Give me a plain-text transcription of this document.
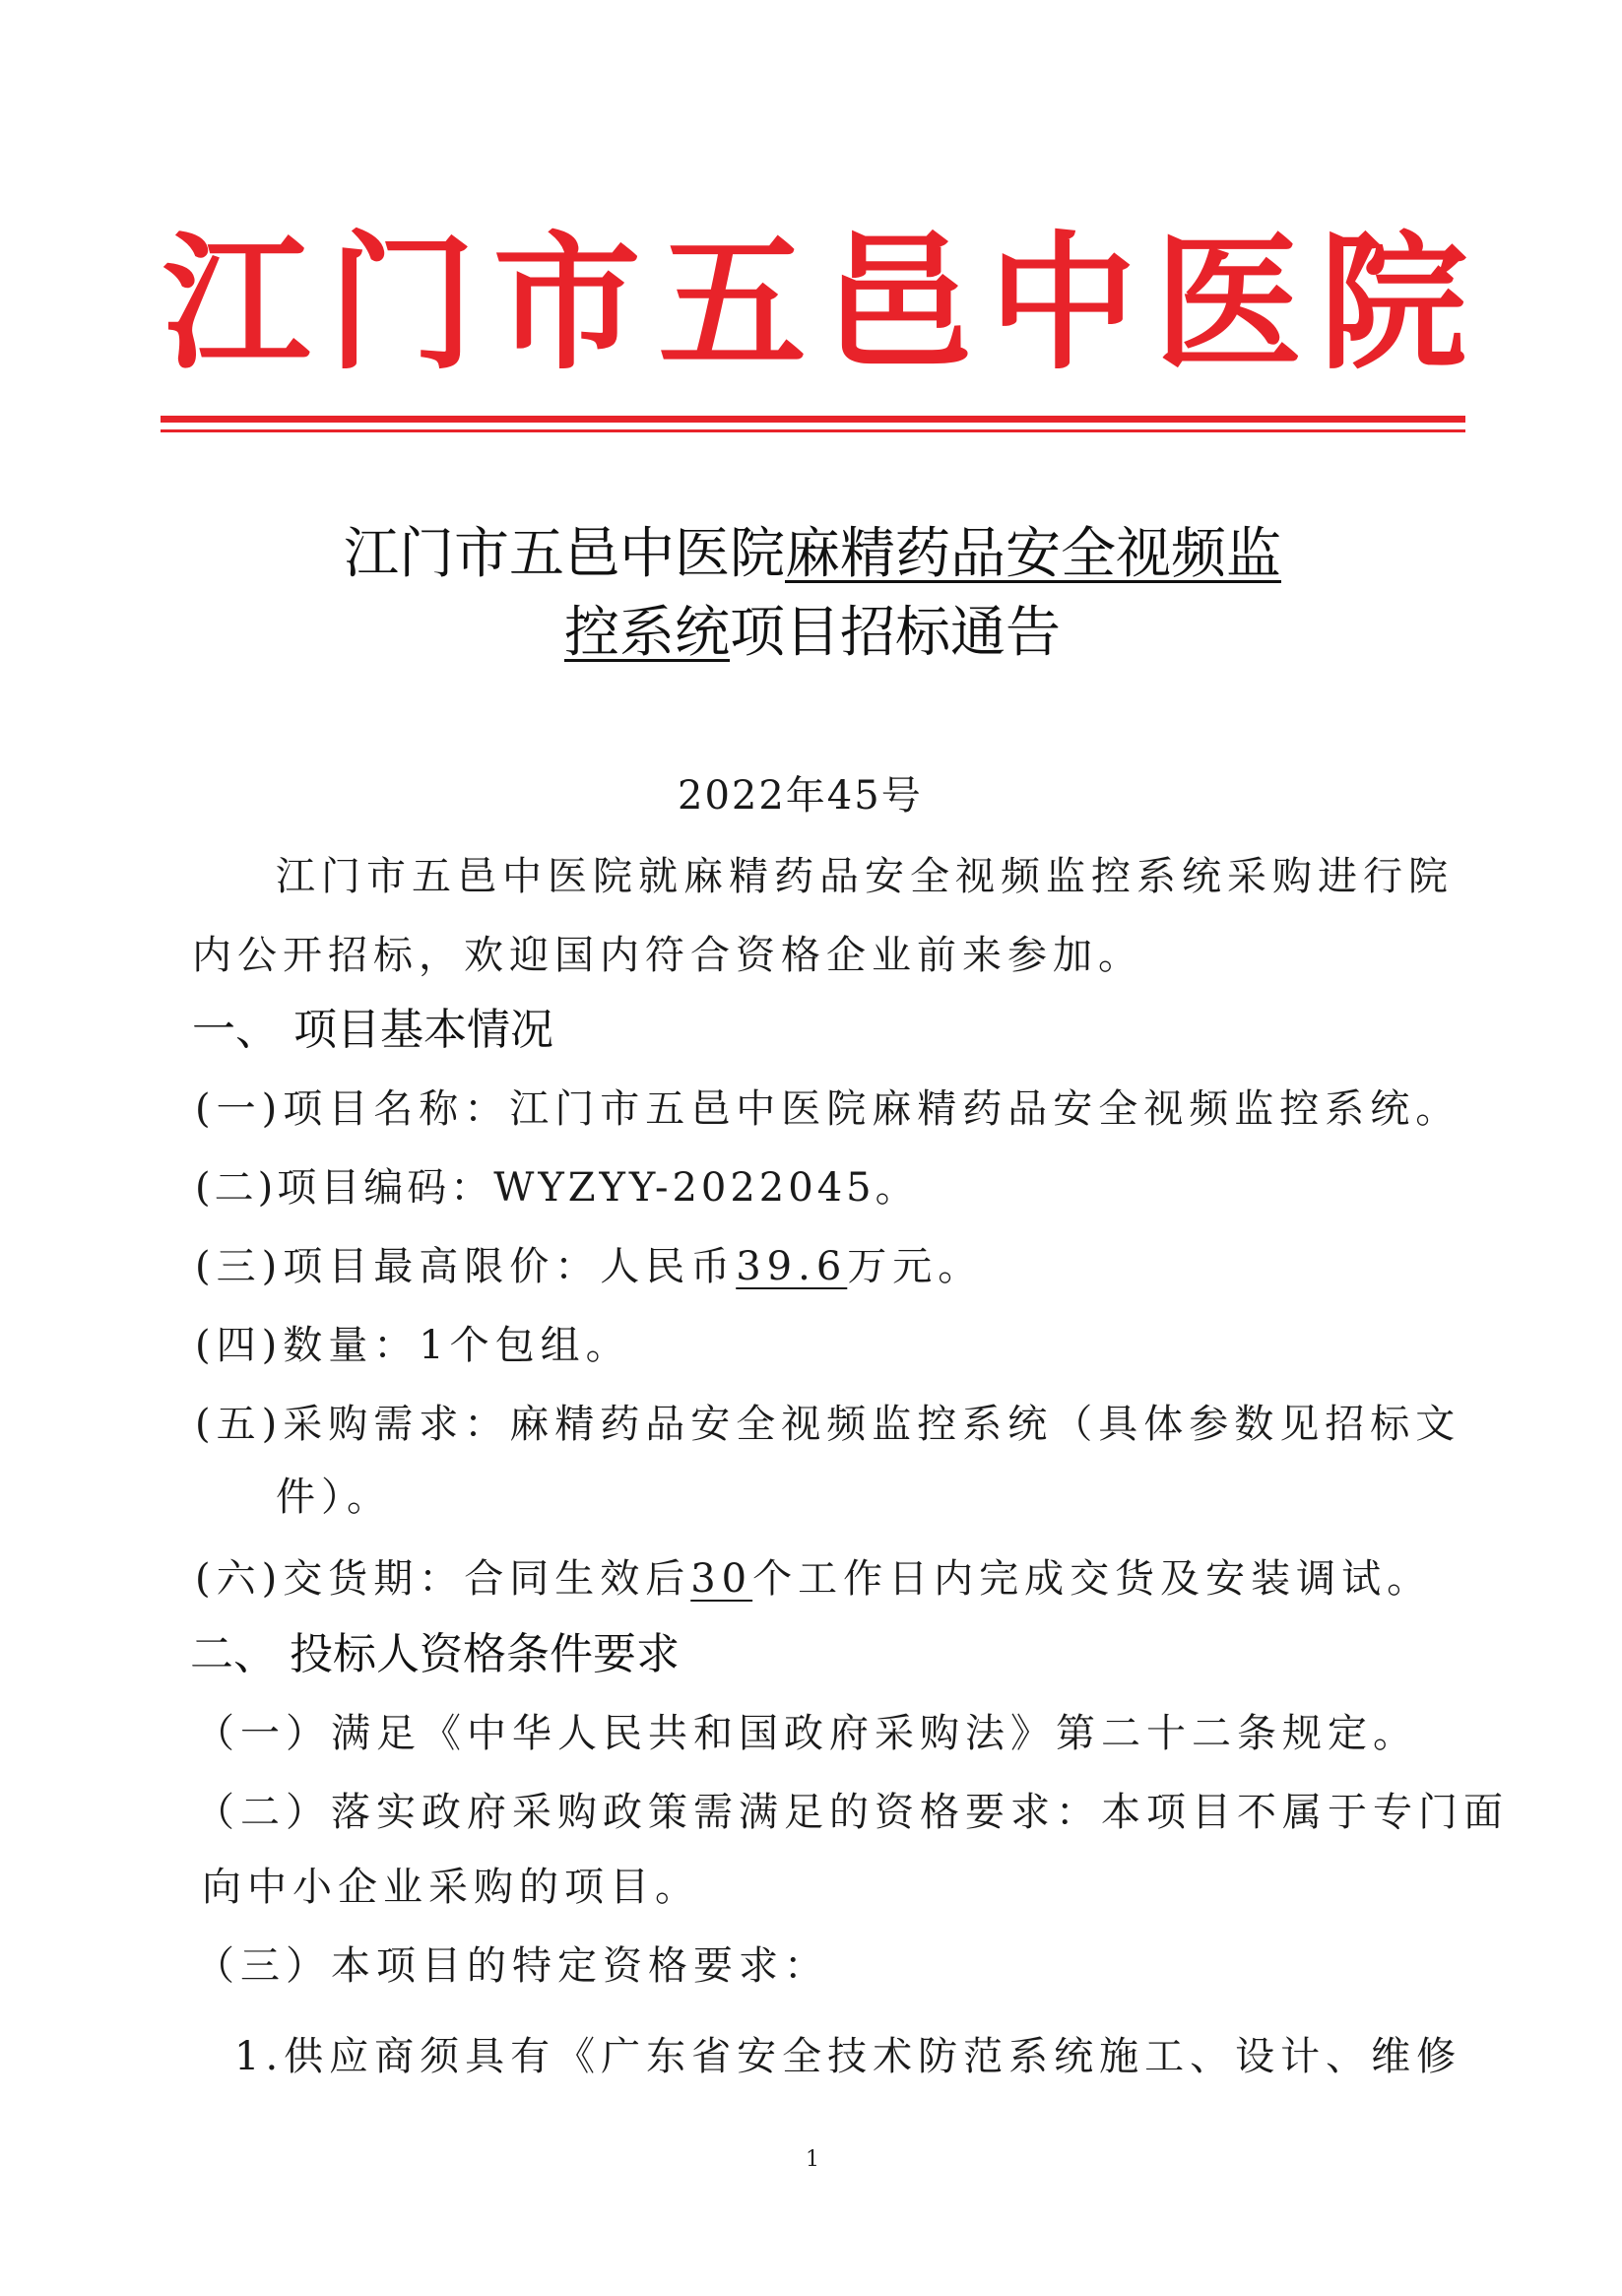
江 门 市 五 邑 中 医 院
江门市五邑中医院麻精药品安全视频监
控系统项目招标通告
2022年45号
江门市五邑中医院就麻精药品安全视频监控系统采购进行院
内公开招标，欢迎国内符合资格企业前来参加。
一、 项目基本情况
(一)项目名称：江门市五邑中医院麻精药品安全视频监控系统。
(二)项目编码：WYZYY-2022045。
(三)项目最高限价：人民币39.6万元。
(四)数量：1个包组。
(五)采购需求：麻精药品安全视频监控系统（具体参数见招标文
件）。
(六)交货期：合同生效后30个工作日内完成交货及安装调试。
二、 投标人资格条件要求
（一）满足《中华人民共和国政府采购法》第二十二条规定。
（二）落实政府采购政策需满足的资格要求：本项目不属于专门面
向中小企业采购的项目。
（三）本项目的特定资格要求：
1.供应商须具有《广东省安全技术防范系统施工、设计、维修
1
